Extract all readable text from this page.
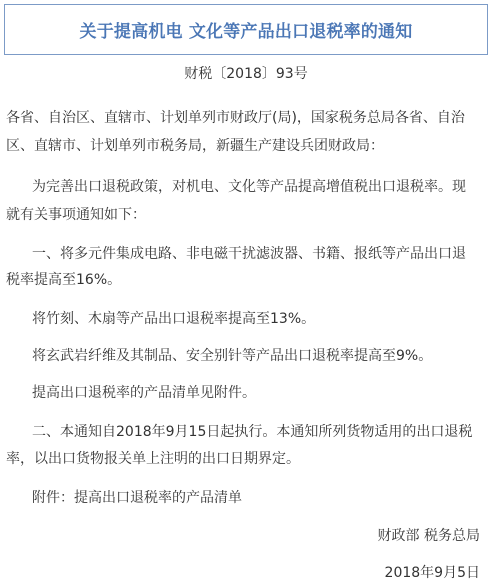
关于提高机电 文化等产品出口退税率的通知
财税〔2018〕93号
各省、自治区、直辖市、计划单列市财政厅(局)，国家税务总局各省、自治
区、直辖市、计划单列市税务局，新疆生产建设兵团财政局：
为完善出口退税政策，对机电、文化等产品提高增值税出口退税率。现
就有关事项通知如下：
一、将多元件集成电路、非电磁干扰滤波器、书籍、报纸等产品出口退
税率提高至16%。
将竹刻、木扇等产品出口退税率提高至13%。
将玄武岩纤维及其制品、安全别针等产品出口退税率提高至9%。
提高出口退税率的产品清单见附件。
二、本通知自2018年9月15日起执行。本通知所列货物适用的出口退税
率，以出口货物报关单上注明的出口日期界定。
附件：提高出口退税率的产品清单
财政部 税务总局
2018年9月5日
